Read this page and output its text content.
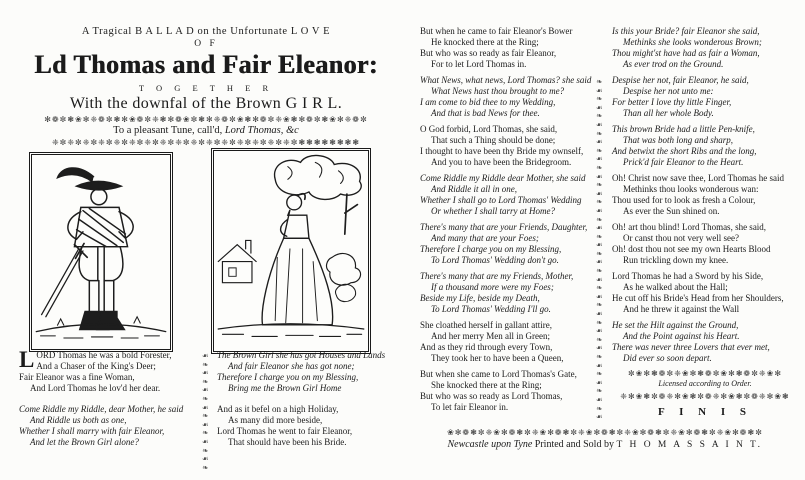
A Tragical B A L L A D on the Unfortunate L O V E
O F
Ld Thomas and Fair Eleanor:
T O G E T H E R
With the downfal of the Brown G I R L.
✻❁✼❃❀✻❈❁✼❃✻❀❁✼❈❃✻❁❀✼❃✻❈❁✼❀❃✻❁✼❈❀❃✻❁✼❃❀✻❈❁✼
To a pleasant Tune, call'd, Lord Thomas, &c
❈✼❈✼❈✼❈✼❈✼❈✼❈✼❈✼❈✼❈✼❈✼❈✼❈✼❈✼❈✼❈✼❃❃❃❃❃❃❃❃
L ORD Thomas he was a bold Forester,
And a Chaser of the King's Deer;
Fair Eleanor was a fine Woman,
And Lord Thomas he lov'd her dear.
Come Riddle my Riddle, dear Mother, he said
And Riddle us both as one,
Whether I shall marry with fair Eleanor,
And let the Brown Girl alone?
☙❧☙❧☙❧☙❧☙❧☙❧☙❧
The Brown Girl she has got Houses and Lands
And fair Eleanor she has got none;
Therefore I charge you on my Blessing,
Bring me the Brown Girl Home
And as it befel on a high Holiday,
As many did more beside,
Lord Thomas he went to fair Eleanor,
That should have been his Bride.
But when he came to fair Eleanor's Bower
He knocked there at the Ring;
But who was so ready as fair Eleanor,
For to let Lord Thomas in.
What News, what news, Lord Thomas? she said
What News hast thou brought to me?
I am come to bid thee to my Wedding,
And that is bad News for thee.
O God forbid, Lord Thomas, she said,
That such a Thing should be done;
I thought to have been thy Bride my ownself,
And you to have been the Bridegroom.
Come Riddle my Riddle dear Mother, she said
And Riddle it all in one,
Whether I shall go to Lord Thomas' Wedding
Or whether I shall tarry at Home?
There's many that are your Friends, Daughter,
And many that are your Foes;
Therefore I charge you on my Blessing,
To Lord Thomas' Wedding don't go.
There's many that are my Friends, Mother,
If a thousand more were my Foes;
Beside my Life, beside my Death,
To Lord Thomas' Wedding I'll go.
She cloathed herself in gallant attire,
And her merry Men all in Green;
And as they rid through every Town,
They took her to have been a Queen,
But when she came to Lord Thomas's Gate,
She knocked there at the Ring;
But who was so ready as Lord Thomas,
To let fair Eleanor in.
❧☙❧☙❧☙❧☙❧☙❧☙❧☙❧☙❧☙❧☙❧☙❧☙❧☙❧☙❧☙❧☙❧☙❧☙❧☙❧☙
Is this your Bride? fair Eleanor she said,
Methinks she looks wonderous Brown;
Thou might'st have had as fair a Woman,
As ever trod on the Ground.
Despise her not, fair Eleanor, he said,
Despise her not unto me:
For better I love thy little Finger,
Than all her whole Body.
This brown Bride had a little Pen-knife,
That was both long and sharp,
And betwixt the short Ribs and the long,
Prick'd fair Eleanor to the Heart.
Oh! Christ now save thee, Lord Thomas he said
Methinks thou looks wonderous wan:
Thou used for to look as fresh a Colour,
As ever the Sun shined on.
Oh! art thou blind! Lord Thomas, she said,
Or canst thou not very well see?
Oh! dost thou not see my own Hearts Blood
Run trickling down my knee.
Lord Thomas he had a Sword by his Side,
As he walked about the Hall;
He cut off his Bride's Head from her Shoulders,
And he threw it against the Wall
He set the Hilt against the Ground,
And the Point against his Heart.
There was never three Lovers that ever met,
Did ever so soon depart.
✼❀✻❃❁✼❈❀✻❃❁✼❀✻❃❁✼❈❀✻
Licensed according to Order.
❈✻❀❃✼❁❈✻❀❃✼❁❈✻❀❃✼❁❈✻❀❃
F I N I S
❀✻❁❃✼❈❀✻❁❃✼❈❀✻❁❃✼❈❀✻❁❃✼❈❀✻❁❃✼❈❀✻❁❃✼❈❀✻❁❃✼
Newcastle upon Tyne Printed and Sold by T H O M A S S A I N T.
